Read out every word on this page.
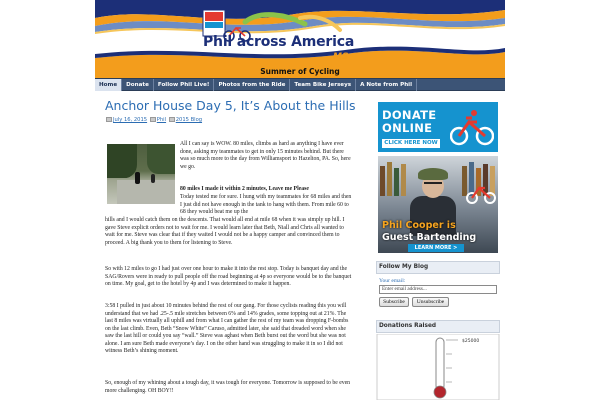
Phil across America
MS
Summer of Cycling
Home	Donate	Follow Phil Live!	Photos from the Ride	Team Bike Jerseys	A Note from Phil
Anchor House Day 5, It’s About the Hills
July 16, 2015 Phil 2015 Blog

All I can say is WOW. 80 miles, climbs as hard as anything I have ever done, asking my teammates to get in only 15 minutes behind. But there was so much more to the day from Williamsport to Hazelton, PA. So, here we go.

80 miles I made it within 2 minutes, Leave me Please

Today tested me for sure. I hung with my teammates for 68 miles and then I just did not have enough in the tank to hang with them. From mile 60 to 68 they would beat me up the

hills and I would catch them on the descents. That would all end at mile 68 when it was simply up hill. I gave Steve explicit orders not to wait for me. I would learn later that Beth, Niall and Chris all wanted to wait for me. Steve was clear that if they waited I would not be a happy camper and convinced them to proceed. A big thank you to them for listening to Steve.

So with 12 miles to go I had just over one hour to make it into the rest stop. Today is banquet day and the SAG/Rovers were in ready to pull people off the road beginning at 4p so everyone would be to the banquet on time. My goal, get to the hotel by 4p and I was determined to make it happen.

3:58 I pulled in just about 10 minutes behind the rest of our gang. For those cyclists reading this you will understand that we had .25-.5 mile stretches between 6% and 14% grades, some topping out at 21%. The last 8 miles was virtually all uphill and from what I can gather the rest of my team was dropping F-bombs on the last climb. Even, Beth “Snow White” Caruso, admitted later, she said that dreaded word when she saw the last hill or could you say “wall.” Steve was aghast when Beth burst out the word but she was not alone. I am sure Beth made everyone’s day. I on the other hand was struggling to make it in so I did not witness Beth’s shining moment.

So, enough of my whining about a tough day, it was tough for everyone. Tomorrow is supposed to be even more challenging. OH BOY!!

DONATE
ONLINE
CLICK HERE NOW
Phil Cooper is
Guest Bartending
LEARN MORE >
Follow My Blog
Your email:
Enter email address...
Subscribe	Unsubscribe
Donations Raised
$25000
